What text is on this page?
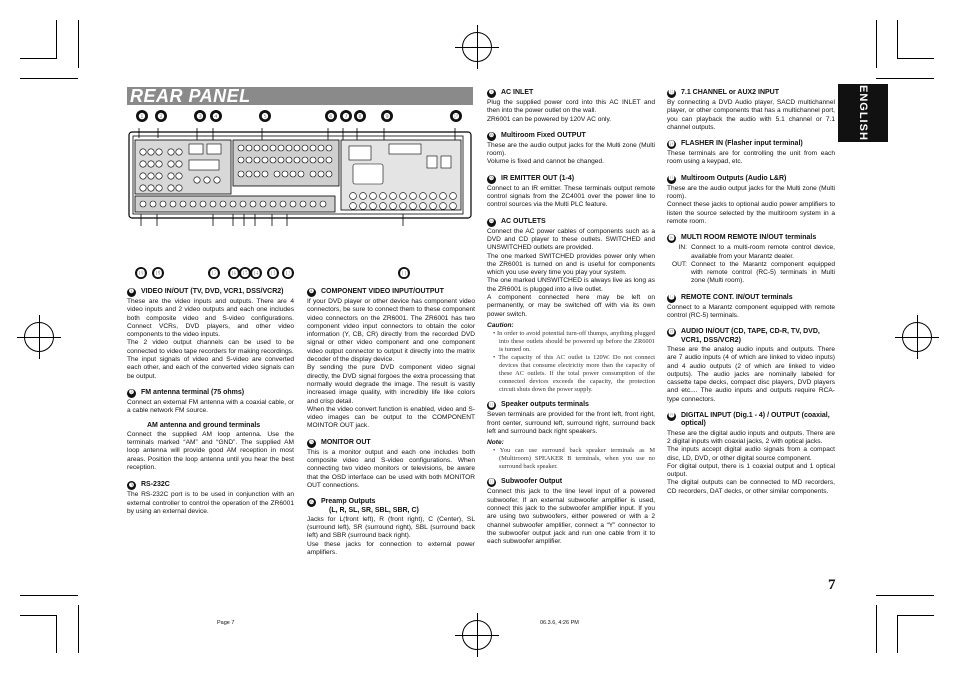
REAR PANEL	ENGLISH
❶	❷	❸	❹	❺	❻ ❼ ❽	❾	❿
⓳ ⓲	⓱ ⓰ ⓯ ⓮ ⓭ ⓬	⓫
❶ VIDEO IN/OUT (TV, DVD, VCR1, DSS/VCR2)

These are the video inputs and outputs. There are 4 video inputs and 2 video outputs and each one includes both composite video and S-video configurations. Connect VCRs, DVD players, and other video components to the video inputs.

The 2 video output channels can be used to be connected to video tape recorders for making recordings.

The input signals of video and S-video are converted each other, and each of the converted video signals can be output.

❷ FM antenna terminal (75 ohms)

Connect an external FM antenna with a coaxial cable, or a cable network FM source.

AM antenna and ground terminals

Connect the supplied AM loop antenna. Use the terminals marked “AM” and “GND”. The supplied AM loop antenna will provide good AM reception in most areas. Position the loop antenna until you hear the best reception.

❸ RS-232C

The RS-232C port is to be used in conjunction with an external controller to control the operation of the ZR6001 by using an external device.

❹ COMPONENT VIDEO INPUT/OUTPUT

If your DVD player or other device has component video connectors, be sure to connect them to these component video connectors on the ZR6001. The ZR6001 has two component video input connectors to obtain the color information (Y, CB, CR) directly from the recorded DVD signal or other video component and one component video output connector to output it directly into the matrix decoder of the display device.

By sending the pure DVD component video signal directly, the DVD signal forgoes the extra processing that normally would degrade the image. The result is vastly increased image quality, with incredibly life like colors and crisp detail.

When the video convert function is enabled, video and S-video images can be output to the COMPONENT MOINTOR OUT jack.

❺ MONITOR OUT

This is a monitor output and each one includes both composite video and S-video configurations. When connecting two video monitors or televisions, be aware that the OSD interface can be used with both MONITOR OUT connections.

❻ Preamp Outputs
(L, R, SL, SR, SBL, SBR, C)

Jacks for L(front left), R (front right), C (Center), SL (surround left), SR (surround right), SBL (surround back left) and SBR (surround back right).

Use these jacks for connection to external power amplifiers.

❼ AC INLET

Plug the supplied power cord into this AC INLET and then into the power outlet on the wall.

ZR6001 can be powered by 120V AC only.

❽ Multiroom Fixed OUTPUT

These are the audio output jacks for the Multi zone (Multi room).

Volume is fixed and cannot be changed.

❾ IR EMITTER OUT (1-4)

Connect to an IR emitter. These terminals output remote control signals from the ZC4001 over the power line to control sources via the Multi PLC feature.

❿ AC OUTLETS

Connect the AC power cables of components such as a DVD and CD player to these outlets. SWITCHED and UNSWITCHED outlets are provided.

The one marked SWITCHED provides power only when the ZR6001 is turned on and is useful for components which you use every time you play your system.

The one marked UNSWITCHED is always live as long as the ZR6001 is plugged into a live outlet.

A component connected here may be left on permanently, or may be switched off with via its own power switch.

Caution:
• In order to avoid potential turn-off thumps, anything plugged into these outlets should be powered up before the ZR6001 is turned on.
• The capacity of this AC outlet is 120W. Do not connect devices that consume electricity more than the capacity of these AC outlets. If the total power consumption of the connected devices exceeds the capacity, the protection circuit shuts down the power supply.
⓫ Speaker outputs terminals

Seven terminals are provided for the front left, front right, front center, surround left, surround right, surround back left and surround back right speakers.

Note:
• You can use surround back speaker terminals as M (Multiroom) SPEAKER B terminals, when you use no surround back speaker.
⓬ Subwoofer Output

Connect this jack to the line level input of a powered subwoofer. If an external subwoofer amplifier is used, connect this jack to the subwoofer amplifier input. If you are using two subwoofers, either powered or with a 2 channel subwoofer amplifier, connect a “Y” connector to the subwoofer output jack and run one cable from it to each subwoofer amplifier.

⓭ 7.1 CHANNEL or AUX2 INPUT

By connecting a DVD Audio player, SACD multichannel player, or other components that has a multichannel port, you can playback the audio with 5.1 channel or 7.1 channel outputs.

⓮ FLASHER IN (Flasher input terminal)

These terminals are for controlling the unit from each room using a keypad, etc.

⓯ Multiroom Outputs (Audio L&R)

These are the audio output jacks for the Multi zone (Multi room).

Connect these jacks to optional audio power amplifiers to listen the source selected by the multiroom system in a remote room.

⓰ MULTI ROOM REMOTE IN/OUT terminals
IN: Connect to a multi-room remote control device, available from your Marantz dealer.
OUT: Connect to the Marantz component equipped with remote control (RC-5) terminals in Multi zone (Multi room).
⓱ REMOTE CONT. IN/OUT terminals

Connect to a Marantz component equipped with remote control (RC-5) terminals.

⓲ AUDIO IN/OUT (CD, TAPE, CD-R, TV, DVD, VCR1, DSS/VCR2)

These are the analog audio inputs and outputs. There are 7 audio inputs (4 of which are linked to video inputs) and 4 audio outputs (2 of which are linked to video outputs). The audio jacks are nominally labeled for cassette tape decks, compact disc players, DVD players and etc.... The audio inputs and outputs require RCA-type connectors.

⓳ DIGITAL INPUT (Dig.1 - 4) / OUTPUT (coaxial, optical)

These are the digital audio inputs and outputs. There are 2 digital inputs with coaxial jacks, 2 with optical jacks.

The inputs accept digital audio signals from a compact disc, LD, DVD, or other digital source component.

For digital output, there is 1 coaxial output and 1 optical output.

The digital outputs can be connected to MD recorders, CD recorders, DAT decks, or other similar components.

7
Page 7	06.3.6, 4:26 PM
